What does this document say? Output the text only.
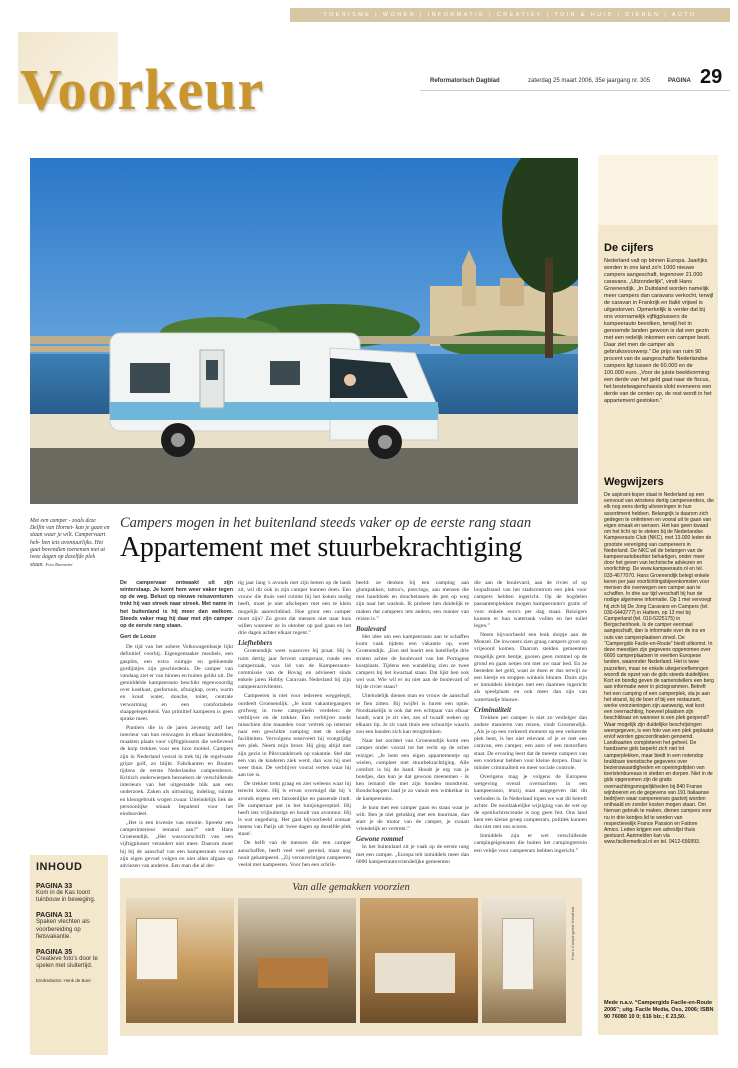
TOERISME | WONEN | INFORMATIE | CREATIEF | TUIN & HUIS | DIEREN | AUTO
Voorkeur	Reformatorisch Dagblad	zaterdag 25 maart 2006, 35e jaargang nr. 305	PAGINA 29
Met een camper - zoals deze Delfin van Hornet- kan je gaan en staan waar je wilt. Campervaart heb- ben iets avontuurlijks. Het gaat bovendien toenemen met at twee dagen op dezelfde plek staan. Foto Raventrer
Campers mogen in het buitenland steeds vaker op de eerste rang staan
Appartement met stuurbekrachtiging

De campervaar ontwaakt uit zijn winterslaap. Je komt hem weer vaker tegen op de weg. Belust op nieuwe reisavonturen trekt hij van streek naar streek. Met name in het buitenland is hij meer dan welkom. Steeds vaker mag hij daar met zijn camper op de eerste rang staan.

Gert de Looze

De tijd van het sobere Volkswagenbusje lijkt definitief voorbij. Eigengemaakte meubels, een gasplits, een extra ruimpje en gebloemde gordijntjes zijn geschiedenis. De camper van vandaag ziet er van binnen en buiten gelikt uit. De gemiddelde kampeerauto beschikt tegenwoordig over koelkast, gasfornuis, afzuigkap, oven, warm en koud water, douche, toilet, centrale verwarming en een comfortabele slaapgelegenheid. Van primitief kamperen is geen sprake meer.

Puntiers die in de jaren zeventig zelf het interieur van hun reiswagen in elkaar knutselden, maakten plaats voor vijftigplussers die wellevend de knip trekken voor een luxe mobiel. Campers zijn in Nederland vooral in trek bij de regelvaste grijze golf, zo blijkt. Fabrikanten en Bouten tijdens de eerste Nederlandse campersbeurs. Kritisch onderwierpen bezoekers de verschillende interieurs van het uitgestalde blik aan een onderzoek. Zaken als uitrusting, indeling, ruimte en kleurgebruik wogen zwaar. Uiteindelijk liek de persoonlijke smaak bepalend voor het eindoordeel.

„Het is een kwestie van emotie. Spreekt een camperinterieur iemand aan?” stelt Hans Groenendijk. „Het wasvoorschrift van een vijftigplusser verandert niet meer. Daarom moet hij bij de aanschaf van een kampeerauto vooral zijn eigen gevoel volgen en niet allen afgaan op adviezen van anderen. Een man die al der-

tig jaar lang 's avonds met zijn benen op de bank zit, wil dit ook in zijn camper kunnen doen. Een vrouw die thuis veel ruimte bij het koken nodig heeft, moet je niet afschepen met een te klein mogelijk aanrechtblad. Hoe groot een camper moet zijn? Zo groot dat mensen niet naar huis willen wanneer ze in oktober op pad gaan en het drie dagen achter elkaar regent.”

Liefhebbers

Groenendijk weet waarover hij praat. Hij is ruim dertig jaar fervent camperaar, runde een camperzaak, was lid van de Kampeerauto-commissie van de Bovag en adviseert sinds enkele jaren Hobby Caravans Nederland bij zijn campeeractiviteiten.

Campeeren is niet voor iedereen weggelegd, oordeelt Groenendijk. „Je kunt vakantiegangers grofweg in twee categorieën verdelen: de verblijver en de trekker. Een verblijver zoekt misschien drie maanden voor vertrek op internet naar een geschikte camping met de nodige faciliteiten. Vervolgens reserveert hij vroegtijdig een plek. Neem mijn broer. Hij ging altijd met zijn gezin in Pilsvrankbroek op vakantie. Stel dat een van de kinderen ziek werd, dan was hij snel weer thuis. De verblijver vooral verten waar hij aan toe is.

De trekker trekt graag en ziet weleens waar hij terecht komt. Hij is ervan overtuigd dat hij 's avonds ergens een fatsoenlijke en passende rindt. De campertaar put in het tuinjongeroptiel. Hij heeft iets vrijbuiterigs en houdt van avontuur. Hij is wat ongedurig. Het gaat bijvoorbeeld zomaar ineens van Parijs uit 'twee dagen op dezelfde plek staan'.

De helft van de mensen die een camper aanschaffen, heeft veel veel gereisd, maar nog nooit gekampeerd. „Zij veronrechtigen campeeren veelal met kampeeren. Voor hen een schrik-

beeld: ze denken bij een camping aan glumpakken, tattoo's, piercings, aan mensen die met handdoek en douchetassen de pen op weg zijn naar het washok. Ik probeer hen duidelijk te maken dat campeers iets anders, een manier van reizen is.”

Boulevard

Het idee om een kampeerauto aan te schaffen komt vaak tijdens een vakantie op, weet Groenendijk. „Een stel boeirt een hotelliefje drie straten achter de boulevard van het Portugese kustplaats. Tijdens een wandeling zien ze twee campers bij het kwartaal staan. Dat lijkt hen ook wel wat. Wie wil er nu niet aan de boulevard of bij de rivier staan?

Uiteindelijk dienen man en vrouw de aanschaf te fien zitten. Bij twijfel is huren een optie. Noodzakelijk is ook dat een echtpaar van elkaar houdt, want je zit vier, zes of twaalf weken op elkaars lip. Je zit vaak thuis een schuurtje waarin zou een banden zich kan terugtrekken.

Naar het oordeel van Groenendijk komt een camper onder vooral tot het recht op de echte reiziger. „Je bent een eigen appartementje op wielen, compleet met stuurbekrachtiging. Alle comfort is bij de hand. Houdt je erg van je hondjes, dan kun je dat gewoon meenemen - ik ken iemand die met zijn honden mondreist. Boodschappen laad je zo vanuit een winkelkar in de kampeerauto.

Je kunt met een camper gaan en staan waar je wilt. Ben je niet gelukkig met een buurman, dan start je de motor van de camper, je zwaait vriendelijk en vertrekt.”

Gewone rommel

In het buitenland zit je vaak op de eerste rang met een camper. „Europa telt inmiddels meer dan 6000 kampeerautovriendelijke gemeenten

die aan de boulevard, aan de rivier of op loopafstand van het stadscentrum een plek voor campers hebben ingericht. Op de bogdelen passantenplekken mogen kampeerauto's gratis of voor enkele euro's per dag staan. Reizigers kunnen er hun watertank vullen en het toilet legen.”

Neem bijvoorbeeld een leuk dorpje aan de Moezel. De inwoners zien graag campers groot op vrijeoord komen. Daarom stelden gemeenten mogelijk gem bentje, gooien geen rommel op de grond en gaan netjes om met uw naar bed. En ze besteden het geld, want ze doen er dus terwijl ze een biertje en stoppen winkels binnen. Duits zijn er inmiddels kleintjes met een daarmee ingericht als speelplaats en ook meer dan zijn van watertandje blauwe.

Criminaliteit

Trekken per camper is niet zo verdelger dan andere manieren van reizen, vindt Groenendijk. „Als je op een verkeerd moment op een verkeerde plek bent, is het niet relevant of je er met een caravan, een camper, een auto of een motorfiets staat. De ervaring leert dat de meeste campers van een voorkeur hebben voor kleine dorpen. Daar is minder criminaliteit en meer sociale controle.

Overigens mag je volgens de Europese wetgeving overal overnachten in een kampeerauto, tenzij staat aangegeven dat dit verboden is. In Nederland lopen we wat dit betreft achter. De noodzakelijke wijziging van de wet op de openluchtrecreatie is nog geen feit. Ons land kent een kleine groep campeerars, politiek kunnen dus niet met ons scoren.

Inmiddels zijn er wel verschillende campingeigenaren die buiten het campingterrein een veldje voor campeerars hebben ingericht.”

De cijfers
Nederland valt op binnen Europa. Jaarlijks worden in ons land zo'n 1000 nieuwe campers aangeschaft, tegenover 21.000 caravans. „Uitzonderlijk”, vindt Hans Groenendijk. „In Duitsland worden namelijk meer campers dan caravans verkocht, terwijl de caravan in Frankrijk en Italië vrijwel is uitgestorven. Opmerkelijk is verder dat bij ons voornamelijk vijftigplussers de kampeerauto bevolken, terwijl het in genoemde landen gewoon is dat een gezin met een redelijk inkomen een camper bezit. Daar ziet men de camper als gebruiksvoorwerp.” De prijs van ruim 90 procent van de aangeschafte Nederlandse campers ligt tussen de 60.000 en de 100.000 euro. „Voor de juiste beeldvorming: een derde van het geld gaat naar de fiscus, het bestelwagenchassis slokt eveneens een derde van de centen op, de rest wordt in het appartement gestoken.”
Wegwijzers
De aspirant-koper staat in Nederland op een eenvoud van winstees dertig campereerders, die elk nog eens dertig uitvoeringen in hun assortiment hebben. Belangrijk is daarom zich gedegen te oriënteren en vooral uit te gaan van eigen smaak en wensen. Het kan geen kwaad om het licht op te steken bij de Nederlandse Kampeerauto Club (NKC), met 13.000 leden de grootste vereniging van campereers in Nederland. De NKC wil de belangen van de kampeerautobezitter behartigen, onder meer door het geven van technische adviezen en voorlichting. De www.kampeerauto.nl en tel. 033-4677070. Hans Groenendijk belegt enkele keren per jaar voorlichtingsbijeenkomsten voor mensen die overwegen een camper aan te schaffen. In drie uur tijd verschaft hij hun de nodige algemene informatie. Op 1 mei vervoegt hij zich bij De Jong Caravans en Campers (tel. 030-6443777) in Hattem, op 13 mei bij Camperland (tel. 010-5225175) in Bergschenhoek. Is de camper eenmaal aangeschaft, dan is informatie over de ins en outs van camperplaatsen zinvol. De “Campergids Facile-en-Route” biedt uitkomst. In deze meestijen zijn gegevens opgenomen over 6600 camperplaatsen in veertien Europese landen, waaronder Nederland. Het is twee puzzelten, maar ne enkele uitegenoeflemngen woordt de opzet van de gids steeds duidelijker. Kort en bondig geven de samenstellers een berg aan informatie weer in pictogrammen. Betreft het een camping of een camperplek, sta je aan het strand, bij de boer of bij een restaurant, werke voorzieningen zijn aanwezig, wat kost een overnachting, hoeveel plaatsen zijn beschikbaar en wanneer is een plek geopend? Waar mogelijk zijn duidelijke beschrijvingen weergegeven, is een foto van een plek geplaatst en/of worden gpscoordinaten genoemd. Landkaarten completeren het geheel. De handzame gids beperkt zich niet tot camperplekken, maar biedt in een notendop bruikbare toeristische gegevens over bezienswaardigheden en openingstijden van toeristenbureaus in steden en dorpen. Niet in de gids opgenomen zijn de gratis overnachtingsmogelijkheden bij 840 Franse wijnboeren en de gegevens van 191 Italiaanse bedrijven waar campereerars gastvrij worden onthaald en zonder kosten mogen staan. Om hiervan gebruik te maken, dienen campers voor nu in drie kentjes lid te worden van respectievelijk France Passion en Fattore Amico. Leden krijgen een adreslijst thuis gestuurd. Aanmelden kan via www.faciliemedical.nl en tel. 0412-656893.
Mede n.a.v. “Campergids Facile-en-Route 2006”; uitg. Facile Media, Oss, 2006; ISBN 90 76080 10 0; 616 blz.; € 23,50.
INHOUD
PAGINA 33
Kom in de Kas toont tuinbouw in beweging.
PAGINA 31
Spaken vlechten als voorbereiding op fietsvakantie.
PAGINA 35
Creatieve foto's door te spelen met sluitertijd.
Eindredactie: Henk de Boer
Van alle gemakken voorzien
Foto's Campingvisie Kersthart
